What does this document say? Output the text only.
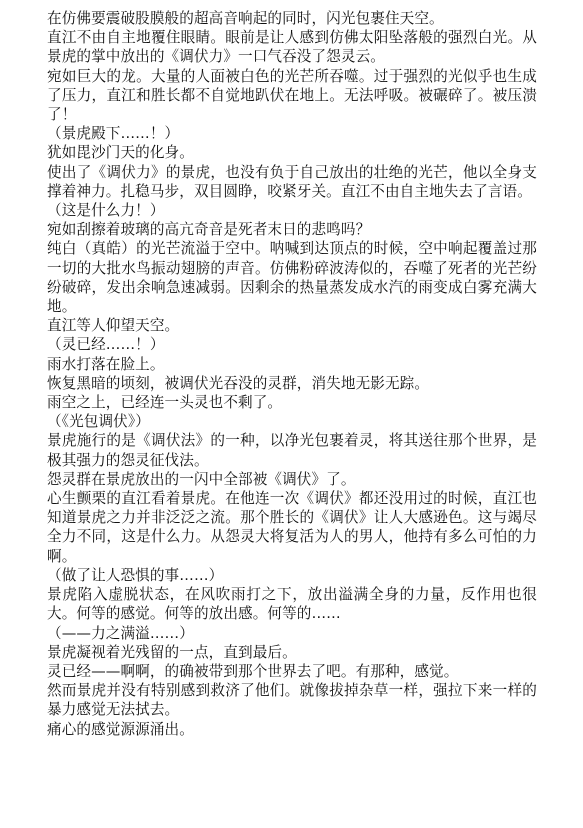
在仿佛要震破股膜般的超高音响起的同时，闪光包裹住天空。

直江不由自主地覆住眼睛。眼前是让人感到仿佛太阳坠落般的强烈白光。从景虎的掌中放出的《调伏力》一口气吞没了怨灵云。

宛如巨大的龙。大量的人面被白色的光芒所吞噬。过于强烈的光似乎也生成了压力，直江和胜长都不自觉地趴伏在地上。无法呼吸。被碾碎了。被压溃了！

（景虎殿下……！）

犹如毘沙门天的化身。

使出了《调伏力》的景虎，也没有负于自己放出的壮绝的光芒，他以全身支撑着神力。扎稳马步，双目圆睁，咬紧牙关。直江不由自主地失去了言语。

（这是什么力！）

宛如刮擦着玻璃的高亢奇音是死者末日的悲鸣吗？

纯白（真皓）的光芒流溢于空中。呐喊到达顶点的时候，空中响起覆盖过那一切的大批水鸟振动翅膀的声音。仿佛粉碎波涛似的，吞噬了死者的光芒纷纷破碎，发出余响急速减弱。因剩余的热量蒸发成水汽的雨变成白雾充满大地。

直江等人仰望天空。

（灵已经……！）

雨水打落在脸上。

恢复黑暗的顷刻，被调伏光吞没的灵群，消失地无影无踪。

雨空之上，已经连一头灵也不剩了。

（《光包调伏》）

景虎施行的是《调伏法》的一种，以净光包裹着灵，将其送往那个世界，是极其强力的怨灵征伐法。

怨灵群在景虎放出的一闪中全部被《调伏》了。

心生颤栗的直江看着景虎。在他连一次《调伏》都还没用过的时候，直江也知道景虎之力并非泛泛之流。那个胜长的《调伏》让人大感逊色。这与竭尽全力不同，这是什么力。从怨灵大将复活为人的男人，他持有多么可怕的力啊。

（做了让人恐惧的事……）

景虎陷入虚脱状态，在风吹雨打之下，放出溢满全身的力量，反作用也很大。何等的感觉。何等的放出感。何等的……

（——力之满溢……）

景虎凝视着光残留的一点，直到最后。

灵已经——啊啊，的确被带到那个世界去了吧。有那种，感觉。

然而景虎并没有特别感到救济了他们。就像拔掉杂草一样，强拉下来一样的暴力感觉无法拭去。

痛心的感觉源源涌出。
